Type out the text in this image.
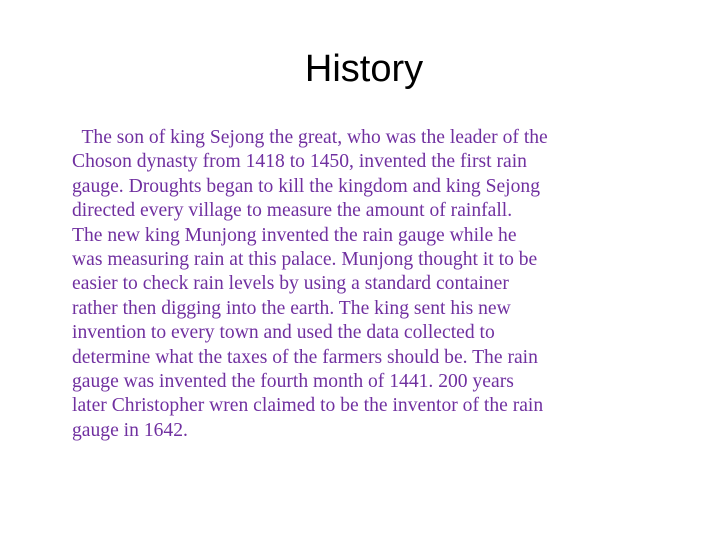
History
The son of king Sejong the great, who was the leader of the
Choson dynasty from 1418 to 1450, invented the first rain
gauge. Droughts began to kill the kingdom and king Sejong
directed every village to measure the amount of rainfall.
The new king Munjong invented the rain gauge while he
was measuring rain at this palace. Munjong thought it to be
easier to check rain levels by using a standard container
rather then digging into the earth. The king sent his new
invention to every town and used the data collected to
determine what the taxes of the farmers should be. The rain
gauge was invented the fourth month of 1441. 200 years
later Christopher wren claimed to be the inventor of the rain
gauge in 1642.
